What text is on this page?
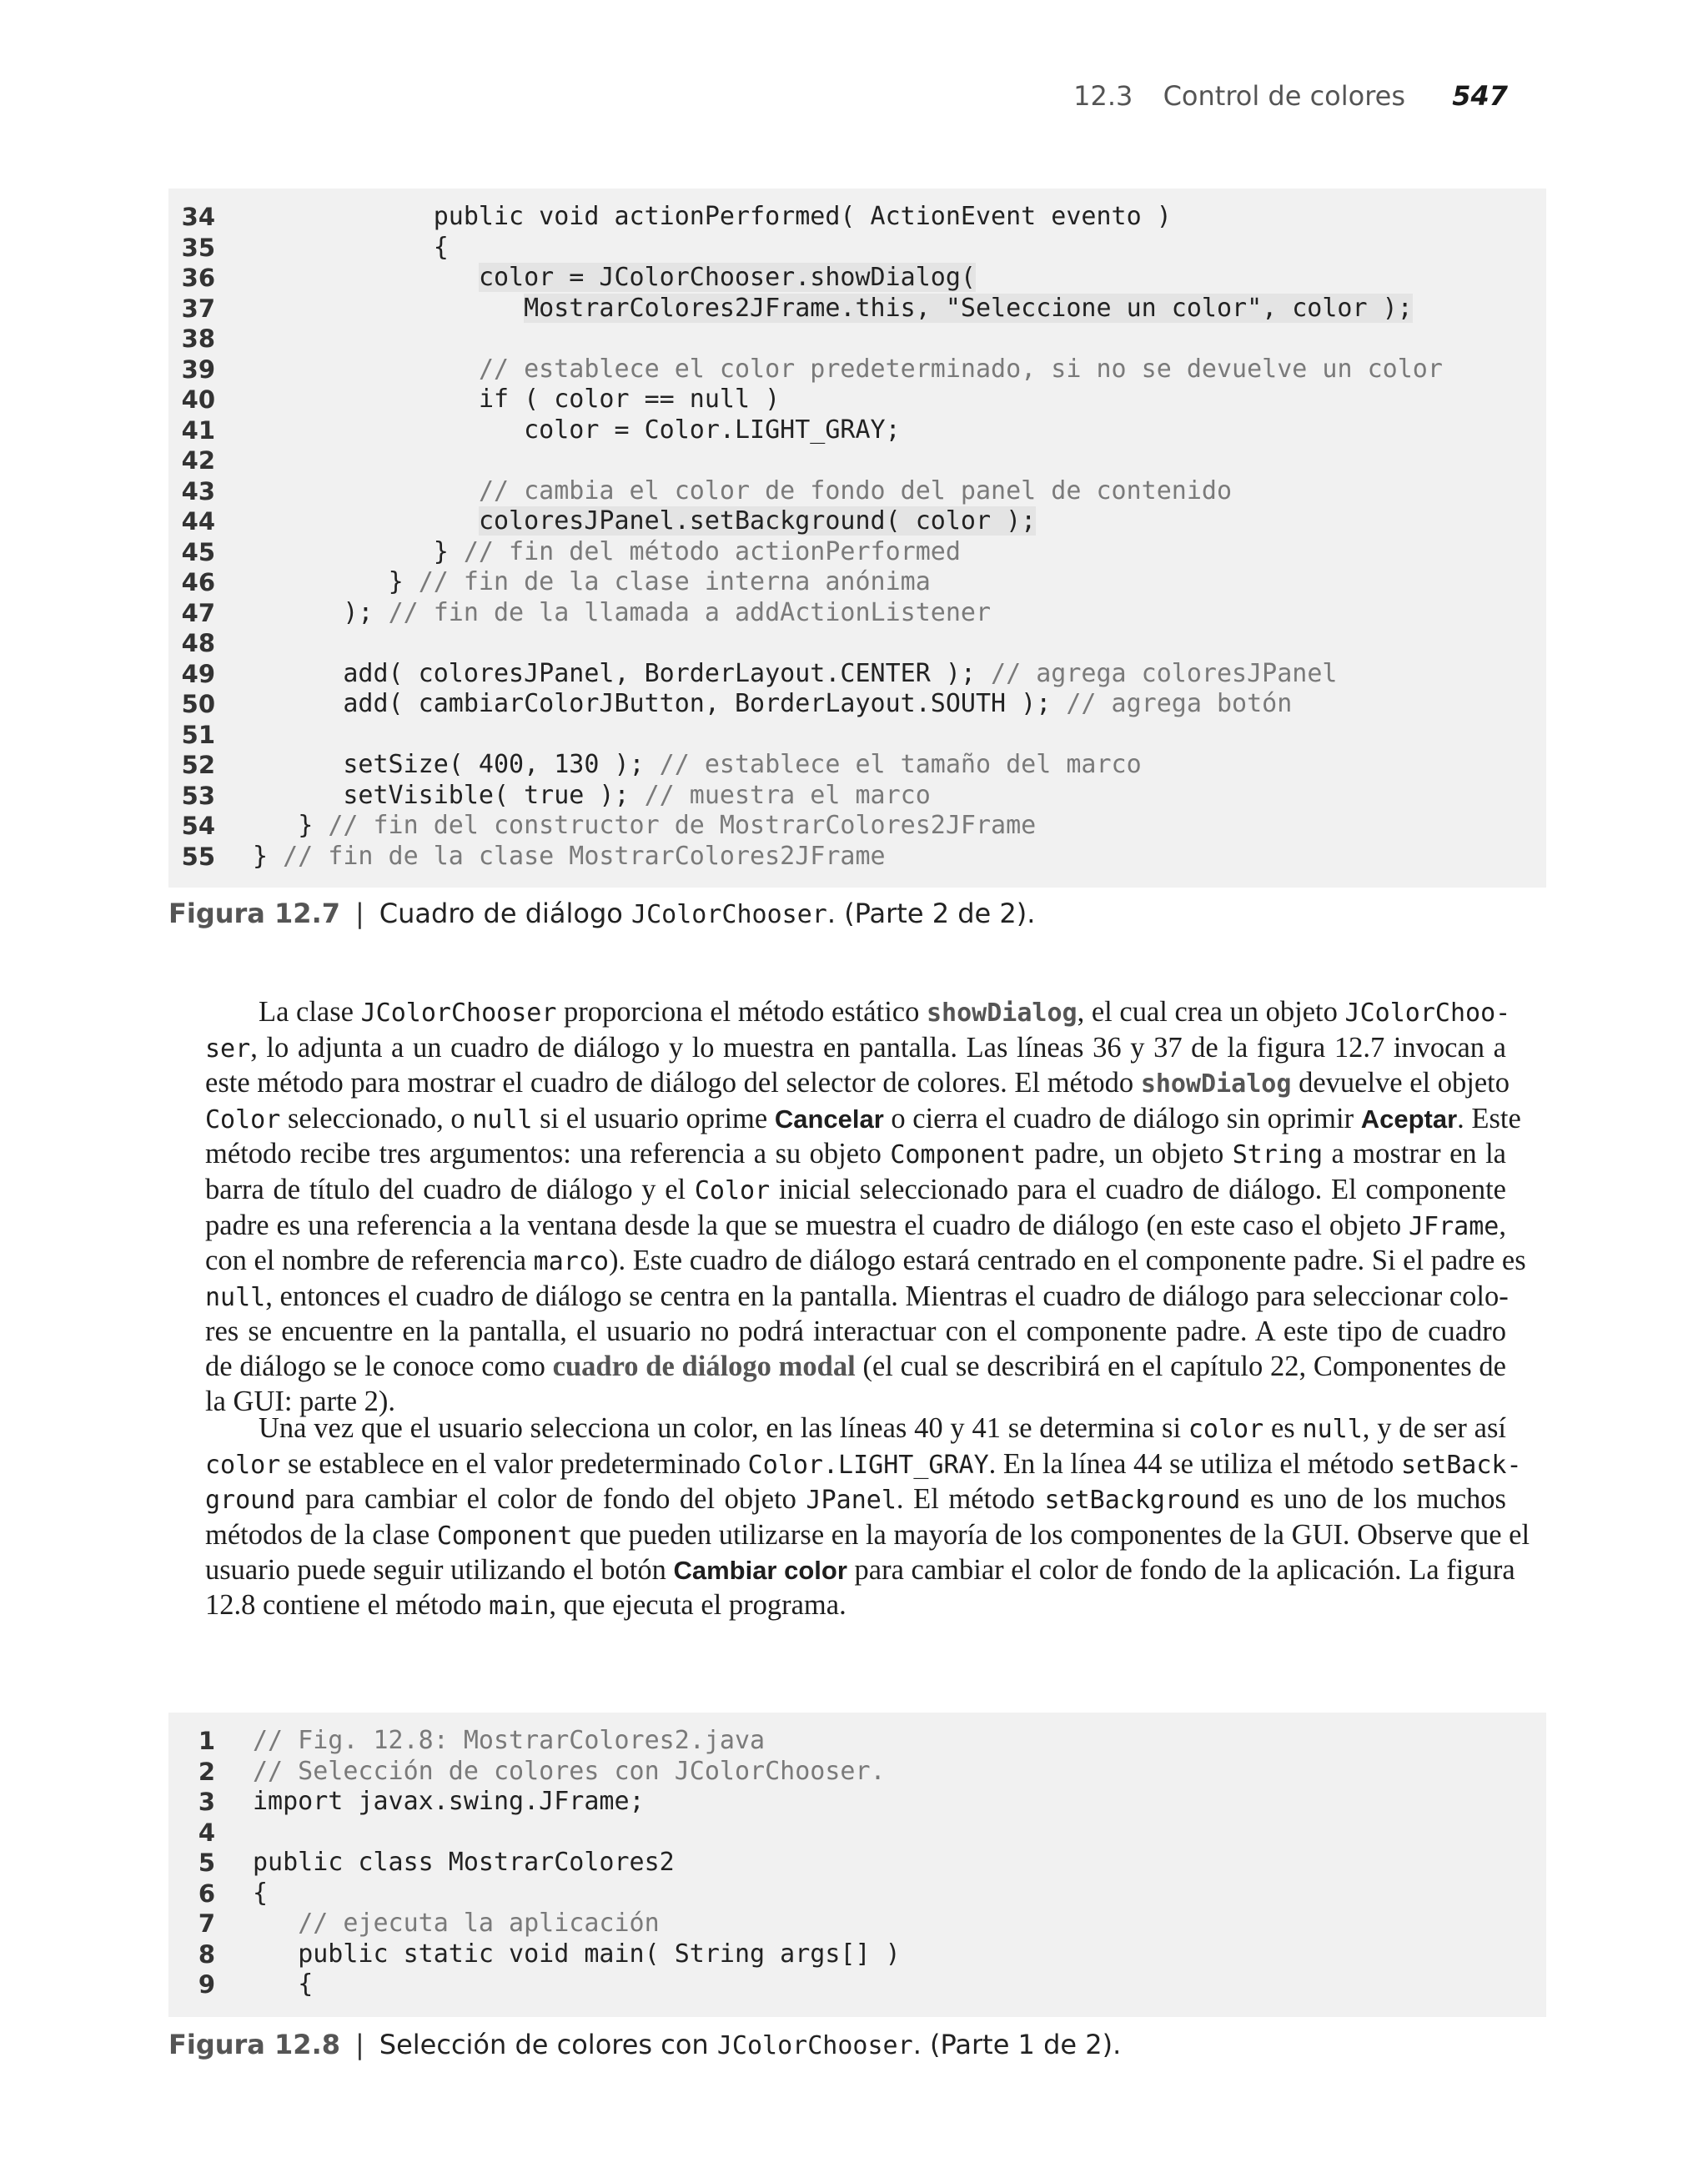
12.3 Control de colores 547
34	public void actionPerformed( ActionEvent evento )
35	{
36	color = JColorChooser.showDialog(
37	MostrarColores2JFrame.this, "Seleccione un color", color );
38
39	// establece el color predeterminado, si no se devuelve un color
40	if ( color == null )
41	color = Color.LIGHT_GRAY;
42
43	// cambia el color de fondo del panel de contenido
44	coloresJPanel.setBackground( color );
45	} // fin del método actionPerformed
46	} // fin de la clase interna anónima
47	); // fin de la llamada a addActionListener
48
49	add( coloresJPanel, BorderLayout.CENTER ); // agrega coloresJPanel
50	add( cambiarColorJButton, BorderLayout.SOUTH ); // agrega botón
51
52	setSize( 400, 130 ); // establece el tamaño del marco
53	setVisible( true ); // muestra el marco
54	} // fin del constructor de MostrarColores2JFrame
55 } // fin de la clase MostrarColores2JFrame
Figura 12.7 | Cuadro de diálogo JColorChooser. (Parte 2 de 2).
La clase JColorChooser proporciona el método estático showDialog, el cual crea un objeto JColorChoo-
ser, lo adjunta a un cuadro de diálogo y lo muestra en pantalla. Las líneas 36 y 37 de la figura 12.7 invocan a
este método para mostrar el cuadro de diálogo del selector de colores. El método showDialog devuelve el objeto
Color seleccionado, o null si el usuario oprime Cancelar o cierra el cuadro de diálogo sin oprimir Aceptar. Este
método recibe tres argumentos: una referencia a su objeto Component padre, un objeto String a mostrar en la
barra de título del cuadro de diálogo y el Color inicial seleccionado para el cuadro de diálogo. El componente
padre es una referencia a la ventana desde la que se muestra el cuadro de diálogo (en este caso el objeto JFrame,
con el nombre de referencia marco). Este cuadro de diálogo estará centrado en el componente padre. Si el padre es
null, entonces el cuadro de diálogo se centra en la pantalla. Mientras el cuadro de diálogo para seleccionar colo-
res se encuentre en la pantalla, el usuario no podrá interactuar con el componente padre. A este tipo de cuadro
de diálogo se le conoce como cuadro de diálogo modal (el cual se describirá en el capítulo 22, Componentes de
la GUI: parte 2).
Una vez que el usuario selecciona un color, en las líneas 40 y 41 se determina si color es null, y de ser así
color se establece en el valor predeterminado Color.LIGHT_GRAY. En la línea 44 se utiliza el método setBack-
ground para cambiar el color de fondo del objeto JPanel. El método setBackground es uno de los muchos
métodos de la clase Component que pueden utilizarse en la mayoría de los componentes de la GUI. Observe que el
usuario puede seguir utilizando el botón Cambiar color para cambiar el color de fondo de la aplicación. La figura
12.8 contiene el método main, que ejecuta el programa.
1 // Fig. 12.8: MostrarColores2.java
2 // Selección de colores con JColorChooser.
3 import javax.swing.JFrame;
4
5 public class MostrarColores2
6 {
7	// ejecuta la aplicación
8	public static void main( String args[] )
9	{
Figura 12.8 | Selección de colores con JColorChooser. (Parte 1 de 2).
